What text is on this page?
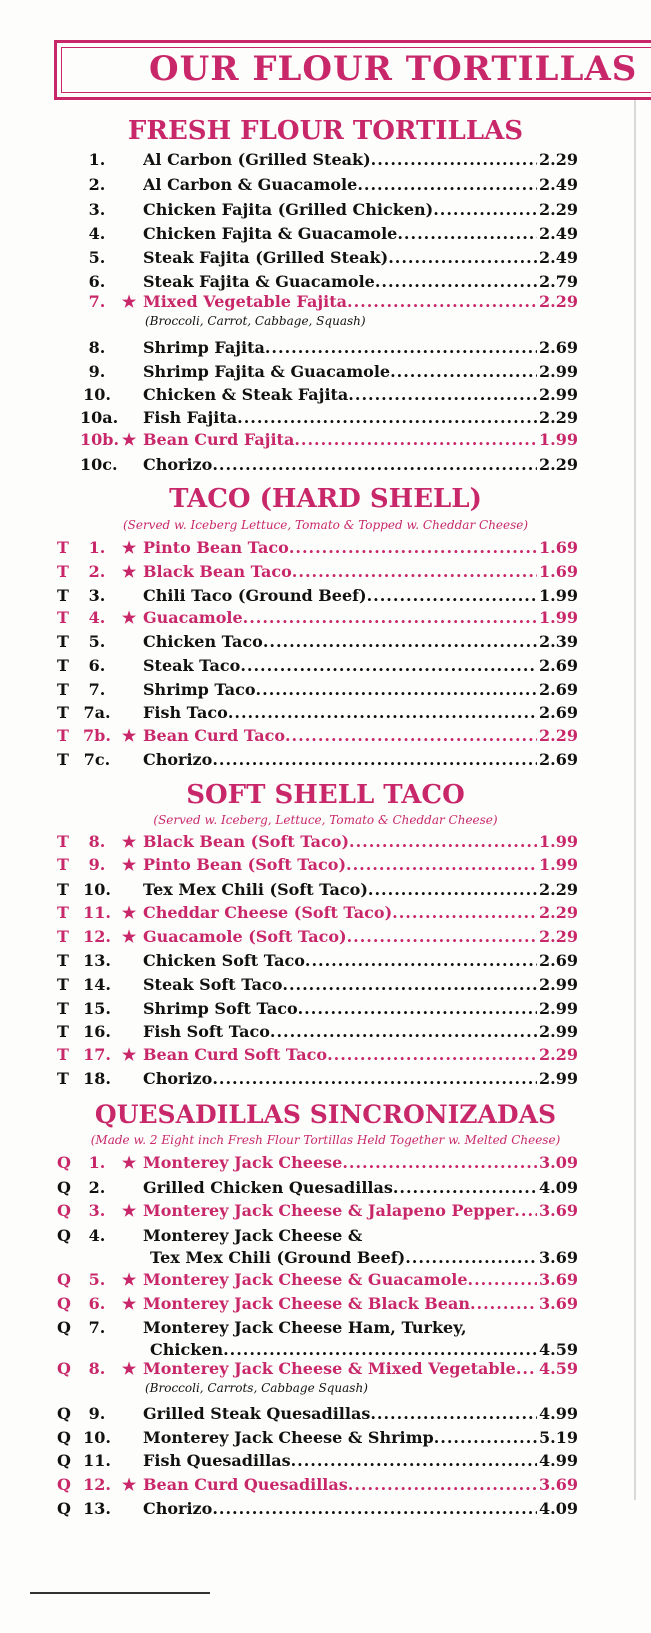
OUR FLOUR TORTILLAS
FRESH FLOUR TORTILLAS
TACO (HARD SHELL)
(Served w. Iceberg Lettuce, Tomato & Topped w. Cheddar Cheese)
SOFT SHELL TACO
(Served w. Iceberg, Lettuce, Tomato & Cheddar Cheese)
QUESADILLAS SINCRONIZADAS
(Made w. 2 Eight inch Fresh Flour Tortillas Held Together w. Melted Cheese)
1.	Al Carbon (Grilled Steak) .....	2.29
2.	Al Carbon & Guacamole .....	2.49
3.	Chicken Fajita (Grilled Chicken) .....	2.29
4.	Chicken Fajita & Guacamole .....	2.49
5.	Steak Fajita (Grilled Steak) .....	2.49
6.	Steak Fajita & Guacamole .....	2.79
7.	★ Mixed Vegetable Fajita .....	2.29
(Broccoli, Carrot, Cabbage, Squash)
8.	Shrimp Fajita .....	2.69
9.	Shrimp Fajita & Guacamole .....	2.99
10. Chicken & Steak Fajita .....	2.99
10a. Fish Fajita .....	2.29
10b. ★ Bean Curd Fajita .....	1.99
10c. Chorizo .....	2.29
T	1.	★ Pinto Bean Taco .....	1.69
T	2.	★ Black Bean Taco .....	1.69
T	3.	Chili Taco (Ground Beef) .....	1.99
T	4.	★ Guacamole .....	1.99
T	5.	Chicken Taco .....	2.39
T	6.	Steak Taco .....	2.69
T	7.	Shrimp Taco .....	2.69
T 7a. Fish Taco .....	2.69
T 7b. ★ Bean Curd Taco .....	2.29
T 7c. Chorizo .....	2.69
T	8.	★ Black Bean (Soft Taco) .....	1.99
T	9.	★ Pinto Bean (Soft Taco) .....	1.99
T 10. Tex Mex Chili (Soft Taco) .....	2.29
T 11. ★ Cheddar Cheese (Soft Taco) .....	2.29
T 12. ★ Guacamole (Soft Taco) .....	2.29
T 13. Chicken Soft Taco .....	2.69
T 14. Steak Soft Taco .....	2.99
T 15. Shrimp Soft Taco .....	2.99
T 16. Fish Soft Taco .....	2.99
T 17. ★ Bean Curd Soft Taco .....	2.29
T 18. Chorizo .....	2.99
Q	1.	★ Monterey Jack Cheese .....	3.09
Q	2.	Grilled Chicken Quesadillas .....	4.09
Q	3.	★ Monterey Jack Cheese & Jalapeno Pepper ..... 3.69
Q	4.	Monterey Jack Cheese &
Tex Mex Chili (Ground Beef) .....	3.69
Q	5.	★ Monterey Jack Cheese & Guacamole .....	3.69
Q	6.	★ Monterey Jack Cheese & Black Bean .....	3.69
Q	7.	Monterey Jack Cheese Ham, Turkey,
Chicken .....	4.59
Q	8.	★ Monterey Jack Cheese & Mixed Vegetable ..... 4.59
(Broccoli, Carrots, Cabbage Squash)
Q	9.	Grilled Steak Quesadillas .....	4.99
Q 10. Monterey Jack Cheese & Shrimp .....	5.19
Q 11. Fish Quesadillas .....	4.99
Q 12. ★ Bean Curd Quesadillas .....	3.69
Q 13. Chorizo .....	4.09
